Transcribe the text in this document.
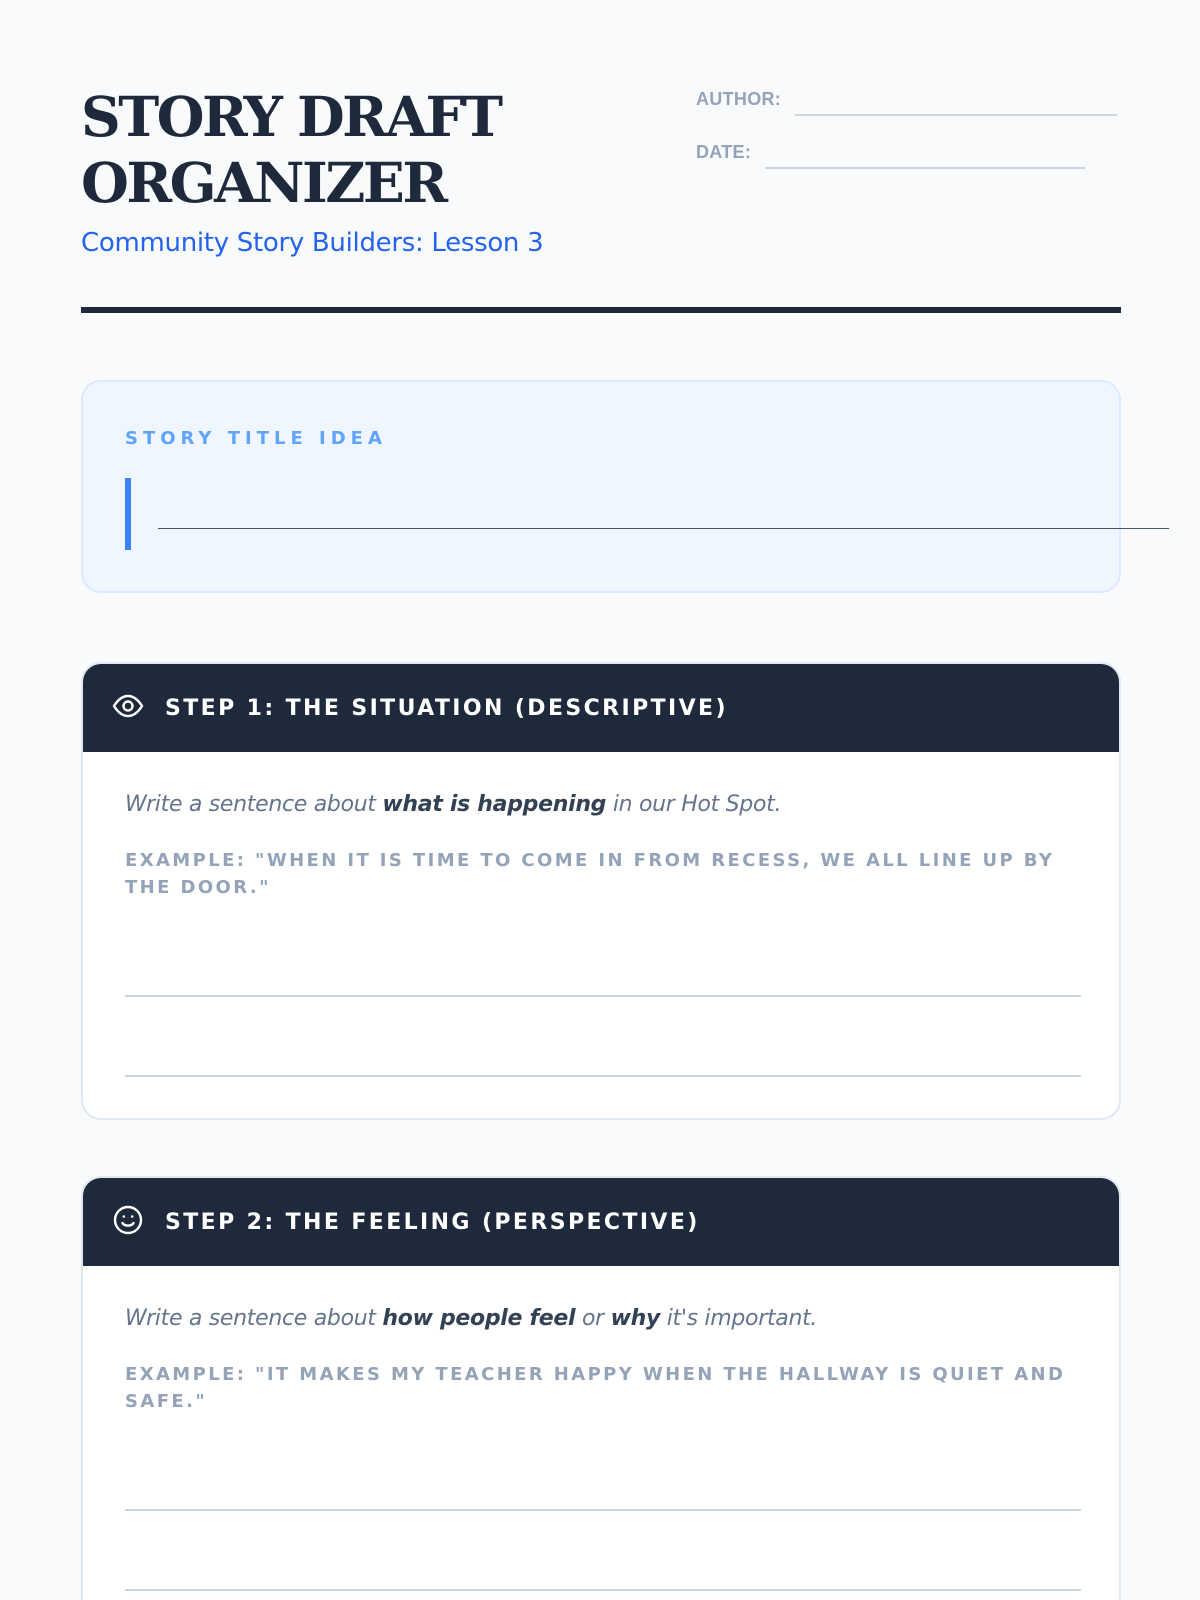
STORY DRAFT
ORGANIZER
Community Story Builders: Lesson 3
AUTHOR:
DATE:
STORY TITLE IDEA
___________________________________________________________________________
STEP 1: THE SITUATION (DESCRIPTIVE)
Write a sentence about what is happening in our Hot Spot.
EXAMPLE: "WHEN IT IS TIME TO COME IN FROM RECESS, WE ALL LINE UP BY THE DOOR."
STEP 2: THE FEELING (PERSPECTIVE)
Write a sentence about how people feel or why it's important.
EXAMPLE: "IT MAKES MY TEACHER HAPPY WHEN THE HALLWAY IS QUIET AND SAFE."
